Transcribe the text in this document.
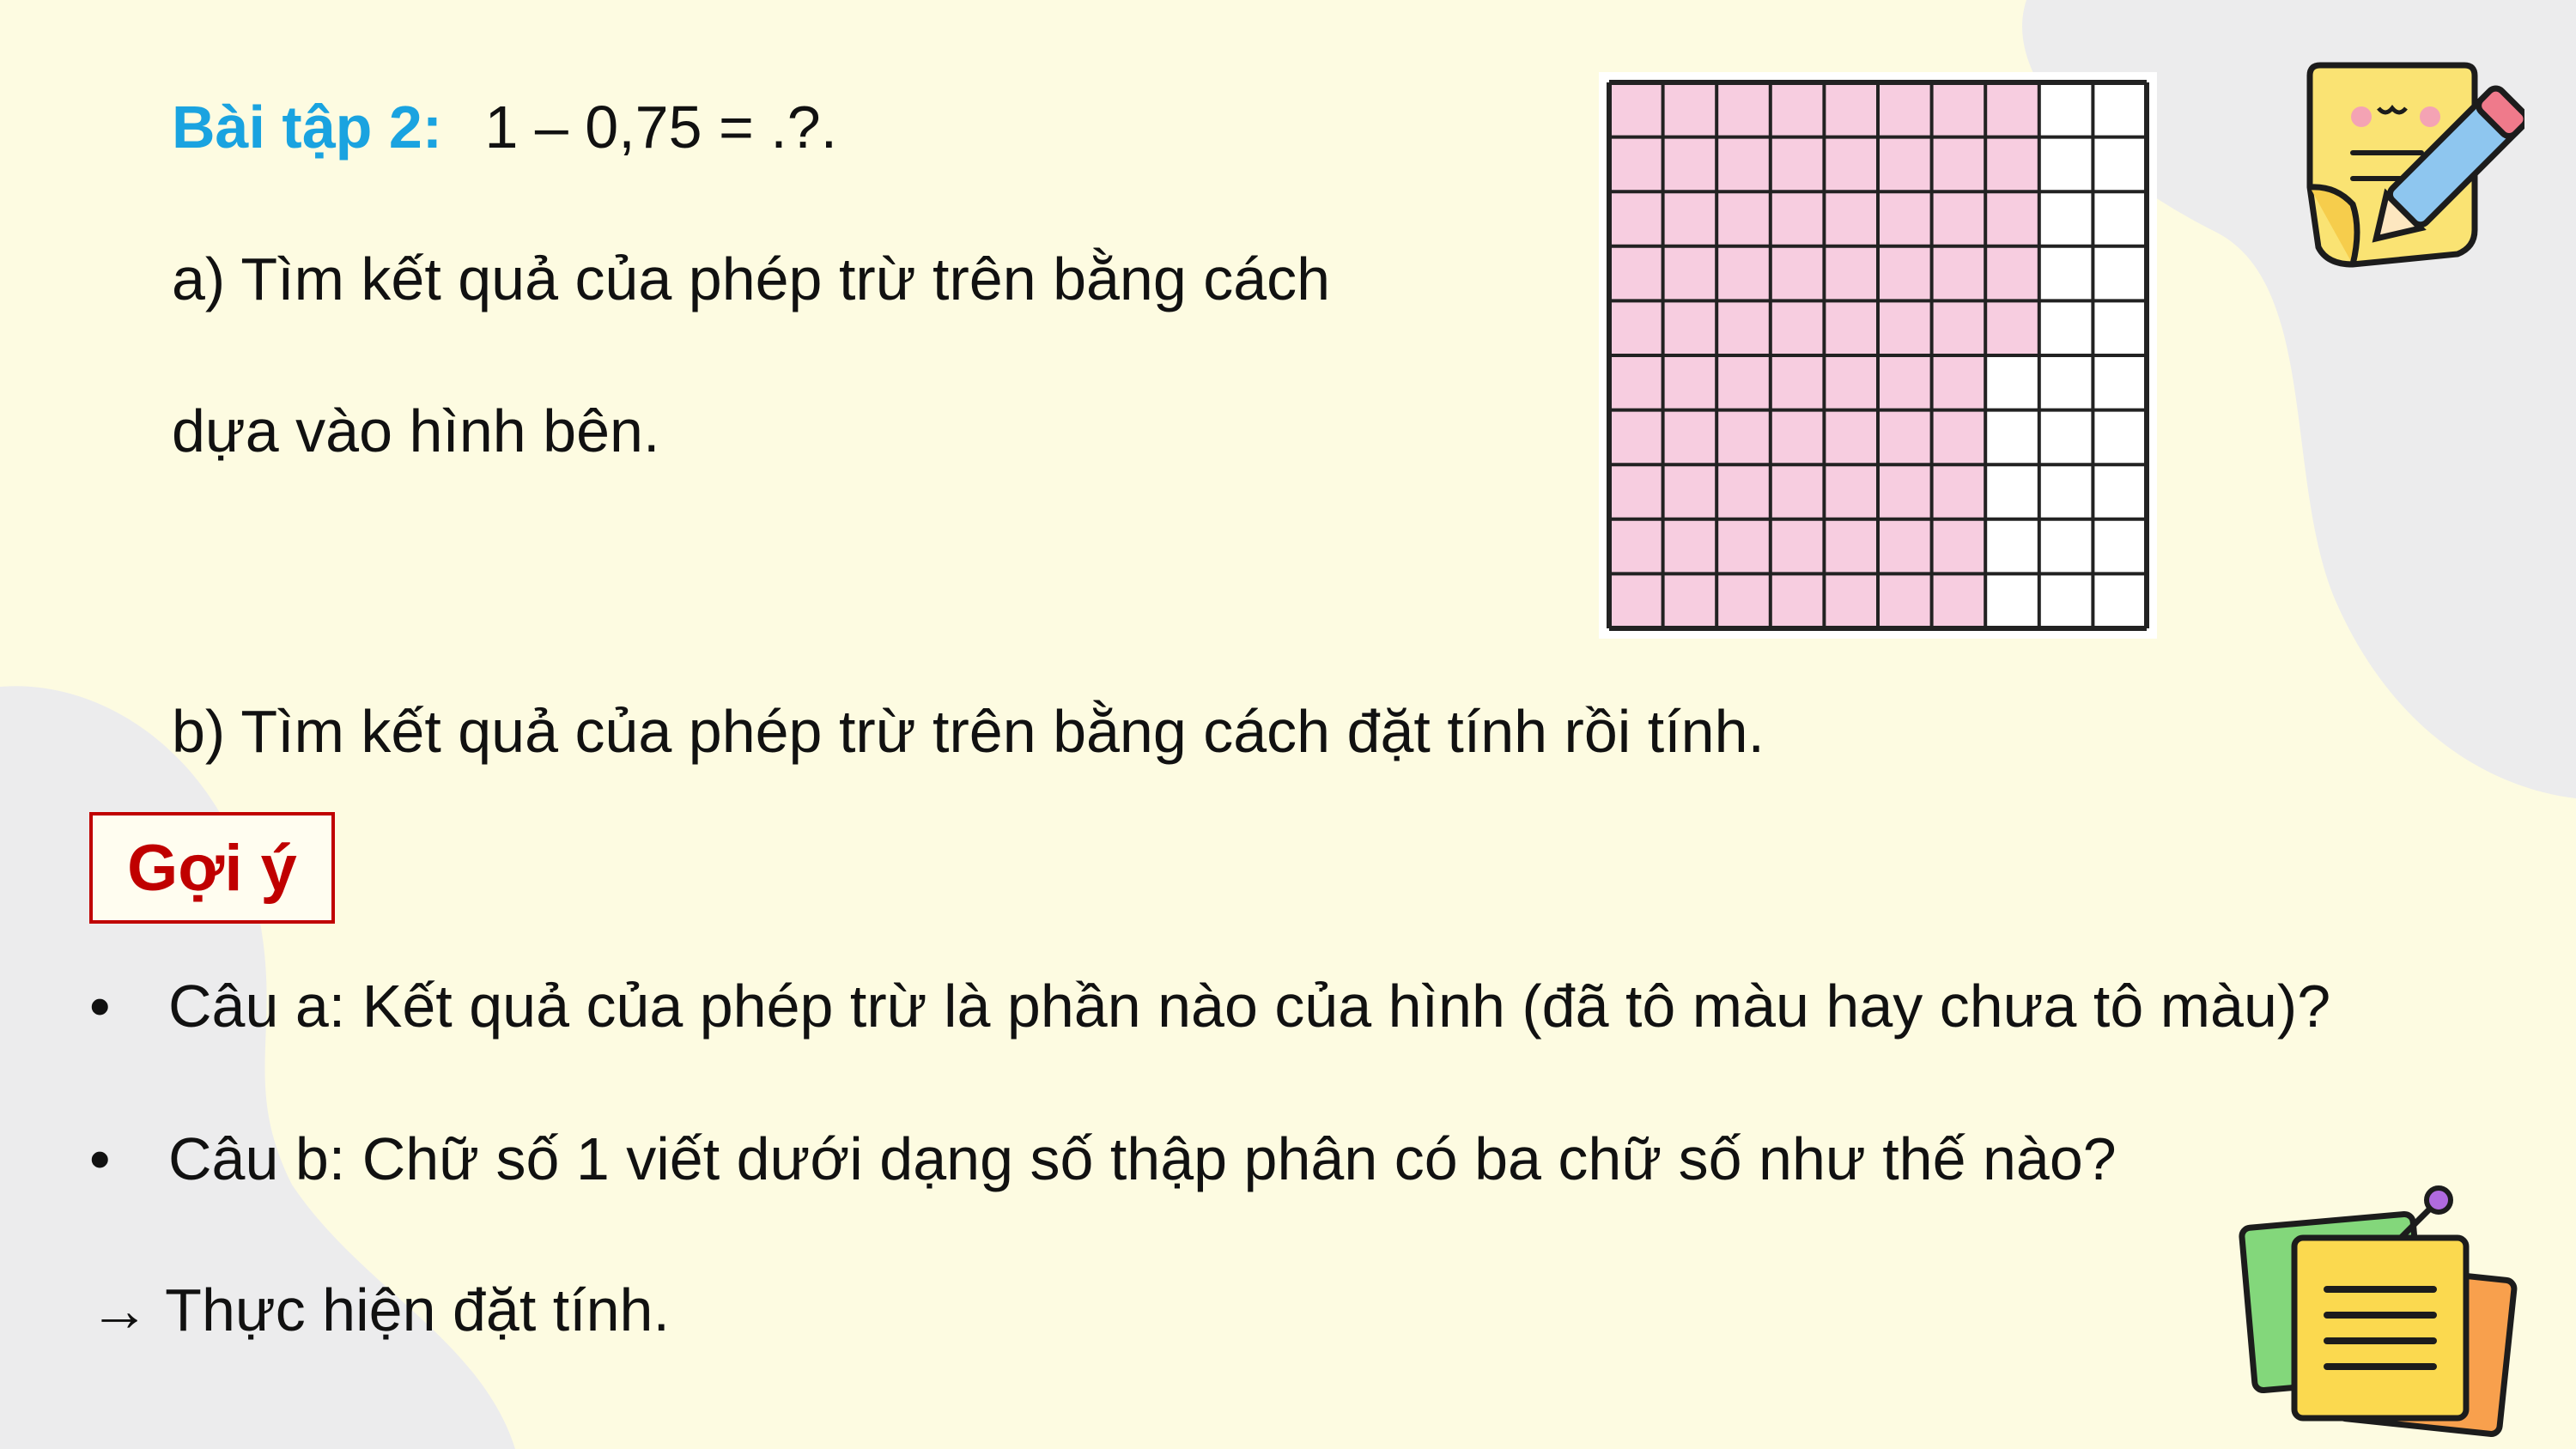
Bài tập 2: 1 – 0,75 = .?.
a) Tìm kết quả của phép trừ trên bằng cách
dựa vào hình bên.
b) Tìm kết quả của phép trừ trên bằng cách đặt tính rồi tính.
Gợi ý
• Câu a: Kết quả của phép trừ là phần nào của hình (đã tô màu hay chưa tô màu)?
• Câu b: Chữ số 1 viết dưới dạng số thập phân có ba chữ số như thế nào?
→ Thực hiện đặt tính.
